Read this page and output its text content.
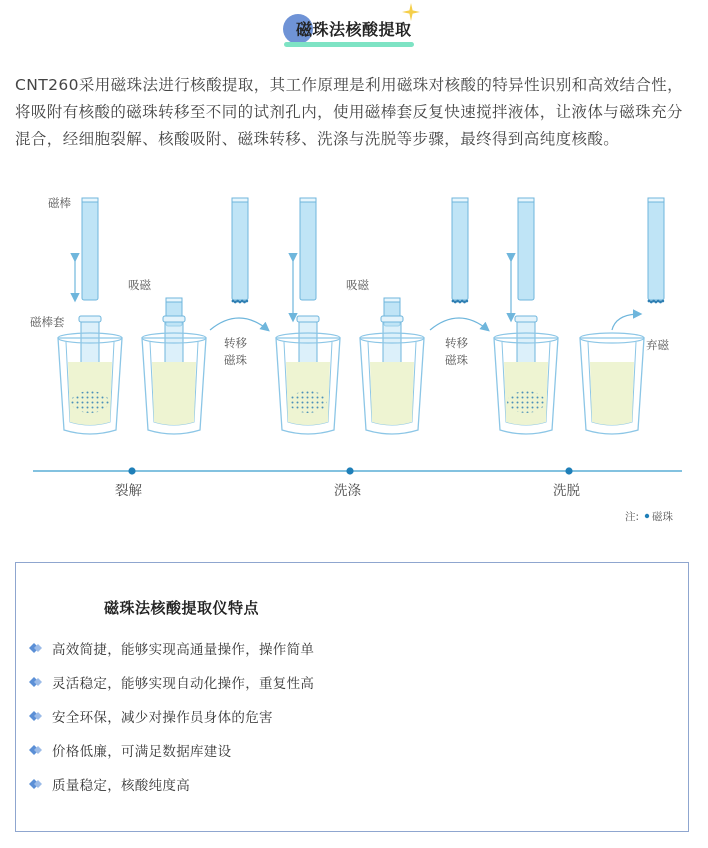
磁珠法核酸提取

CNT260采用磁珠法进行核酸提取，其工作原理是利用磁珠对核酸的特异性识别和高效结合性，将吸附有核酸的磁珠转移至不同的试剂孔内，使用磁棒套反复快速搅拌液体，让液体与磁珠充分混合，经细胞裂解、核酸吸附、磁珠转移、洗涤与洗脱等步骤，最终得到高纯度核酸。

磁棒
磁棒套
吸磁
转移
磁珠
吸磁
转移
磁珠
弃磁
裂解	洗涤	洗脱
注: 磁珠

磁珠法核酸提取仪特点

高效简捷，能够实现高通量操作，操作简单
灵活稳定，能够实现自动化操作，重复性高
安全环保，减少对操作员身体的危害
价格低廉，可满足数据库建设
质量稳定，核酸纯度高
